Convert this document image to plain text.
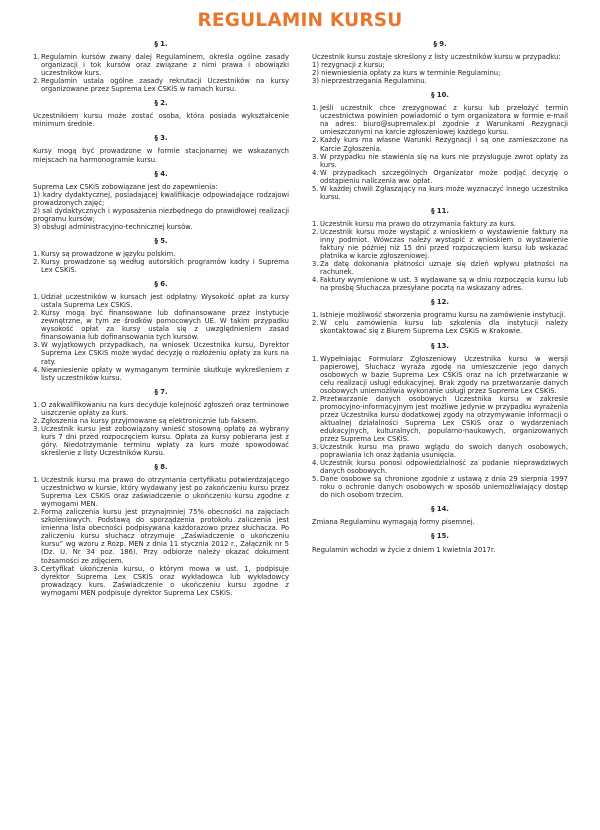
REGULAMIN KURSU
§ 1.
1. Regulamin kursów zwany dalej Regulaminem, określa ogólne zasady organizacji i tok kursów oraz związane z nimi prawa i obowiązki uczestników kurs.
2. Regulamin ustala ogólne zasady rekrutacji Uczestników na kursy organizowane przez Suprema Lex CSKiS w ramach kursu.
§ 2.

Uczestnikiem kursu może zostać osoba, która posiada wykształcenie minimum średnie.

§ 3.

Kursy mogą być prowadzone w formie stacjonarnej we wskazanych miejscach na harmonogramie kursu.

§ 4.

Suprema Lex CSKiS zobowiązane jest do zapewnienia:

1) kadry dydaktycznej, posiadającej kwalifikacje odpowiadające rodzajowi prowadzonych zajęć;

2) sal dydaktycznych i wyposażenia niezbędnego do prawidłowej realizacji programu kursów;

3) obsługi administracyjno-technicznej kursów.

§ 5.
1. Kursy są prowadzone w języku polskim.
2. Kursy prowadzone są według autorskich programów kadry i Suprema Lex CSKiS.
§ 6.
1. Udział uczestników w kursach jest odpłatny. Wysokość opłat za kursy ustala Suprema Lex CSKiS.
2. Kursy mogą być finansowane lub dofinansowane przez instytucje zewnętrzne, w tym ze środków pomocowych UE. W takim przypadku wysokość opłat za kursy ustala się z uwzględnieniem zasad finansowania lub dofinansowania tych kursów.
3. W wyjątkowych przypadkach, na wniosek Uczestnika kursu, Dyrektor Suprema Lex CSKiS może wydać decyzję o rozłożeniu opłaty za kurs na raty.
4. Niewniesienie opłaty w wymaganym terminie skutkuje wykreśleniem z listy uczestników kursu.
§ 7.
1. O zakwalifikowaniu na kurs decyduje kolejność zgłoszeń oraz terminowe uiszczenie opłaty za kurs.
2. Zgłoszenia na kursy przyjmowane są elektronicznie lub faksem.
3. Uczestnik kursu jest zobowiązany wnieść stosowną opłatę za wybrany kurs 7 dni przed rozpoczęciem kursu. Opłata za kursy pobierana jest z góry. Niedotrzymanie terminu wpłaty za kurs może spowodować skreślenie z listy Uczestników Kursu.
§ 8.
1. Uczestnik kursu ma prawo do otrzymania certyfikatu potwierdzającego uczestnictwo w kursie, który wydawany jest po zakończeniu kursu przez Suprema Lex CSKiS oraz zaświadczenie o ukończeniu kursu zgodne z wymogami MEN.
2. Formą zaliczenia kursu jest przynajmniej 75% obecności na zajęciach szkoleniowych. Podstawą do sporządzenia protokołu zaliczenia jest imienna lista obecności podpisywana każdorazowo przez słuchacza. Po zaliczeniu kursu słuchacz otrzymuje „Zaświadczenie o ukończeniu kursu” wg wzoru z Rozp. MEN z dnia 11 stycznia 2012 r., Załącznik nr 5 (Dz. U. Nr 34 poz. 186). Przy odbiorze należy okazać dokument tożsamości ze zdjęciem.
3. Certyfikat ukończenia kursu, o którym mowa w ust. 1, podpisuje dyrektor Suprema Lex CSKiS oraz wykładowca lub wykładowcy prowadzący kurs. Zaświadczenie o ukończeniu kursu zgodne z wymogami MEN podpisuje dyrektor Suprema Lex CSKiS.
§ 9.

Uczestnik kursu zostaje skreślony z listy uczestników kursu w przypadku:

1) rezygnacji z kursu;

2) niewniesienia opłaty za kurs w terminie Regulaminu;

3) nieprzestrzegania Regulaminu.

§ 10.
1. Jeśli uczestnik chce zrezygnować z kursu lub przełożyć termin uczestnictwa powinien powiadomić o tym organizatora w formie e-mail na adres: biuro@supremalex.pl zgodnie z Warunkami Rezygnacji umieszczonymi na karcie zgłoszeniowej każdego kursu.
2. Każdy kurs ma własne Warunki Rezygnacji i są one zamieszczone na Karcie Zgłoszenia.
3. W przypadku nie stawienia się na kurs nie przysługuje zwrot opłaty za kurs.
4. W przypadkach szczególnych Organizator może podjąć decyzję o odstąpieniu naliczenia ww. opłat.
5. W każdej chwili Zgłaszający na kurs może wyznaczyć innego uczestnika kursu.
§ 11.
1. Uczestnik kursu ma prawo do otrzymania faktury za kurs.
2. Uczestnik kursu może wystąpić z wnioskiem o wystawienie faktury na inny podmiot. Wówczas należy wystąpić z wnioskiem o wystawienie faktury nie później niż 15 dni przed rozpoczęciem kursu lub wskazać płatnika w karcie zgłoszeniowej.
3. Za datę dokonania płatności uznaje się dzień wpływu płatności na rachunek.
4. Faktury wymienione w ust. 3 wydawane są w dniu rozpoczęcia kursu lub na prośbę Słuchacza przesyłane pocztą na wskazany adres.
§ 12.
1. Istnieje możliwość stworzenia programu kursu na zamówienie instytucji.
2. W celu zamówienia kursu lub szkolenia dla instytucji należy skontaktować się z Biurem Suprema Lex CSKiS w Krakowie.
§ 13.
1. Wypełniając Formularz Zgłoszeniowy Uczestnika kursu w wersji papierowej, Słuchacz wyraża zgodę na umieszczenie jego danych osobowych w bazie Suprema Lex CSKiS oraz na ich przetwarzanie w celu realizacji usługi edukacyjnej. Brak zgody na przetwarzanie danych osobowych uniemożliwia wykonanie usługi przez Suprema Lex CSKiS.
2. Przetwarzanie danych osobowych Uczestnika kursu w zakresie promocyjno-informacyjnym jest możliwe jedynie w przypadku wyrażenia przez Uczestnika kursu dodatkowej zgody na otrzymywanie informacji o aktualnej działalności Suprema Lex CSKiS oraz o wydarzeniach edukacyjnych, kulturalnych, popularno-naukowych, organizowanych przez Suprema Lex CSKiS.
3. Uczestnik kursu ma prawo wglądu do swoich danych osobowych, poprawiania ich oraz żądania usunięcia.
4. Uczestnik kursu ponosi odpowiedzialność za podanie nieprawdziwych danych osobowych.
5. Dane osobowe są chronione zgodnie z ustawą z dnia 29 sierpnia 1997 roku o ochronie danych osobowych w sposób uniemożliwiający dostęp do nich osobom trzecim.
§ 14.

Zmiana Regulaminu wymagają formy pisemnej.

§ 15.

Regulamin wchodzi w życie z dniem 1 kwietnia 2017r.
